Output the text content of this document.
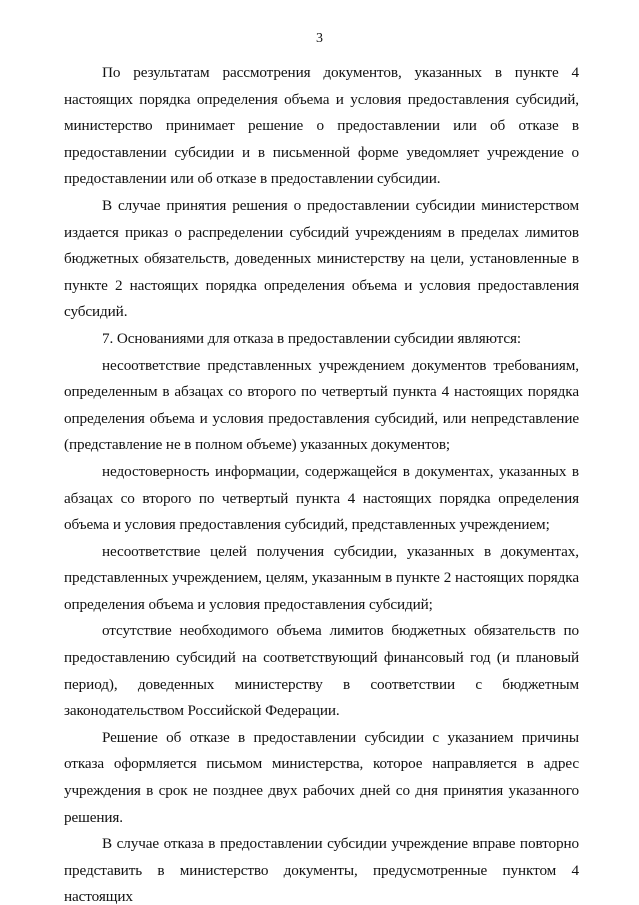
3

По результатам рассмотрения документов, указанных в пункте 4 настоящих порядка определения объема и условия предоставления субсидий, министерство принимает решение о предоставлении или об отказе в предоставлении субсидии и в письменной форме уведомляет учреждение о предоставлении или об отказе в предоставлении субсидии.

В случае принятия решения о предоставлении субсидии министерством издается приказ о распределении субсидий учреждениям в пределах лимитов бюджетных обязательств, доведенных министерству на цели, установленные в пункте 2 настоящих порядка определения объема и условия предоставления субсидий.

7. Основаниями для отказа в предоставлении субсидии являются:

несоответствие представленных учреждением документов требованиям, определенным в абзацах со второго по четвертый пункта 4 настоящих порядка определения объема и условия предоставления субсидий, или непредставление (представление не в полном объеме) указанных документов;

недостоверность информации, содержащейся в документах, указанных в абзацах со второго по четвертый пункта 4 настоящих порядка определения объема и условия предоставления субсидий, представленных учреждением;

несоответствие целей получения субсидии, указанных в документах, представленных учреждением, целям, указанным в пункте 2 настоящих порядка определения объема и условия предоставления субсидий;

отсутствие необходимого объема лимитов бюджетных обязательств по предоставлению субсидий на соответствующий финансовый год (и плановый период), доведенных министерству в соответствии с бюджетным законодательством Российской Федерации.

Решение об отказе в предоставлении субсидии с указанием причины отказа оформляется письмом министерства, которое направляется в адрес учреждения в срок не позднее двух рабочих дней со дня принятия указанного решения.

В случае отказа в предоставлении субсидии учреждение вправе повторно представить в министерство документы, предусмотренные пунктом 4 настоящих
